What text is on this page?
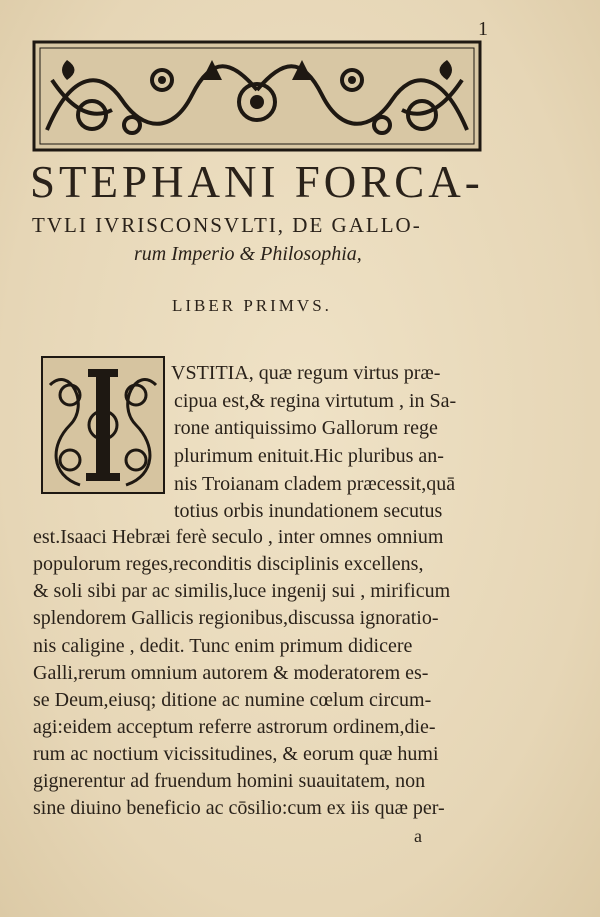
1
STEPHANI FORCA-
TVLI IVRISCONSVLTI, DE GALLO-
rum Imperio & Philosophia,
LIBER PRIMVS.
VSTITIA, quæ regum virtus præ-
cipua est,& regina virtutum , in Sa-
rone antiquissimo Gallorum rege
plurimum enituit.Hic pluribus an-
nis Troianam cladem præcessit,quā
totius orbis inundationem secutus
est.Isaaci Hebræi ferè seculo , inter omnes omnium
populorum reges,reconditis disciplinis excellens,
& soli sibi par ac similis,luce ingenij sui , mirificum
splendorem Gallicis regionibus,discussa ignoratio-
nis caligine , dedit. Tunc enim primum didicere
Galli,rerum omnium autorem & moderatorem es-
se Deum,eiusq; ditione ac numine cœlum circum-
agi:eidem acceptum referre astrorum ordinem,die-
rum ac noctium vicissitudines, & eorum quæ humi
gignerentur ad fruendum homini suauitatem, non
sine diuino beneficio ac cōsilio:cum ex iis quæ per-
a
